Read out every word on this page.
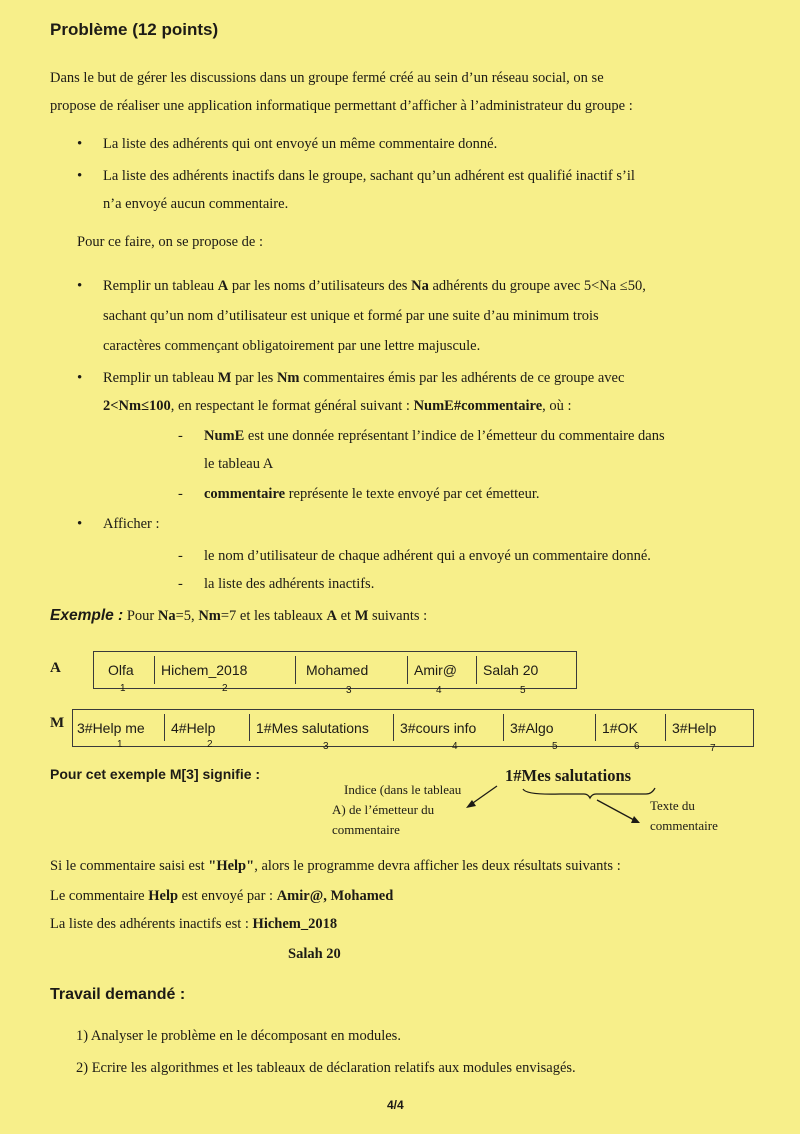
Problème (12 points)
Dans le but de gérer les discussions dans un groupe fermé créé au sein d’un réseau social, on se
propose de réaliser une application informatique permettant d’afficher à l’administrateur du groupe :
• La liste des adhérents qui ont envoyé un même commentaire donné.
• La liste des adhérents inactifs dans le groupe, sachant qu’un adhérent est qualifié inactif s’il
n’a envoyé aucun commentaire.
Pour ce faire, on se propose de :
• Remplir un tableau A par les noms d’utilisateurs des Na adhérents du groupe avec 5<Na ≤50,
sachant qu’un nom d’utilisateur est unique et formé par une suite d’au minimum trois
caractères commençant obligatoirement par une lettre majuscule.
• Remplir un tableau M par les Nm commentaires émis par les adhérents de ce groupe avec
2<Nm≤100, en respectant le format général suivant : NumE#commentaire, où :
- NumE est une donnée représentant l’indice de l’émetteur du commentaire dans
le tableau A
- commentaire représente le texte envoyé par cet émetteur.
• Afficher :
- le nom d’utilisateur de chaque adhérent qui a envoyé un commentaire donné.
- la liste des adhérents inactifs.
Exemple : Pour Na=5, Nm=7 et les tableaux A et M suivants :
A	Olfa	Hichem_2018	Mohamed	Amir@	Salah 20
1	2	3	4	5
M 3#Help me	4#Help	1#Mes salutations	3#cours info	3#Algo	1#OK	3#Help
1	2	3	4	5	6	7
Pour cet exemple M[3] signifie :	1#Mes salutations
Indice (dans le tableau
A) de l’émetteur du
commentaire
Texte du
commentaire
Si le commentaire saisi est "Help", alors le programme devra afficher les deux résultats suivants :
Le commentaire Help est envoyé par : Amir@, Mohamed
La liste des adhérents inactifs est : Hichem_2018
Salah 20
Travail demandé :
1) Analyser le problème en le décomposant en modules.
2) Ecrire les algorithmes et les tableaux de déclaration relatifs aux modules envisagés.
4/4
